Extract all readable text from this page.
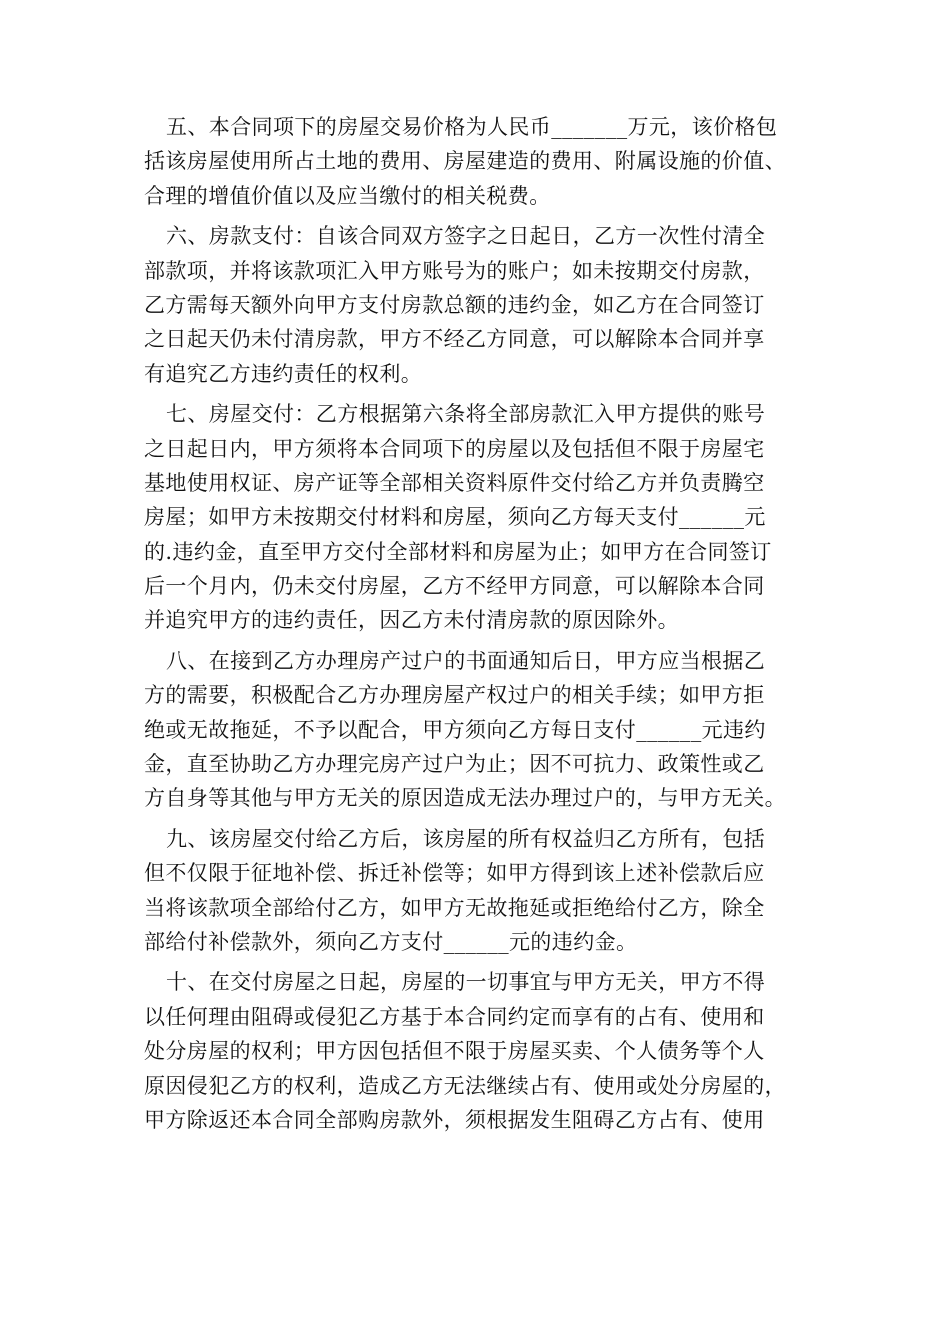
五、本合同项下的房屋交易价格为人民币_______万元，该价格包
括该房屋使用所占土地的费用、房屋建造的费用、附属设施的价值、
合理的增值价值以及应当缴付的相关税费。
六、房款支付：自该合同双方签字之日起日，乙方一次性付清全
部款项，并将该款项汇入甲方账号为的账户；如未按期交付房款，
乙方需每天额外向甲方支付房款总额的违约金，如乙方在合同签订
之日起天仍未付清房款，甲方不经乙方同意，可以解除本合同并享
有追究乙方违约责任的权利。
七、房屋交付：乙方根据第六条将全部房款汇入甲方提供的账号
之日起日内，甲方须将本合同项下的房屋以及包括但不限于房屋宅
基地使用权证、房产证等全部相关资料原件交付给乙方并负责腾空
房屋；如甲方未按期交付材料和房屋，须向乙方每天支付______元
的.违约金，直至甲方交付全部材料和房屋为止；如甲方在合同签订
后一个月内，仍未交付房屋，乙方不经甲方同意，可以解除本合同
并追究甲方的违约责任，因乙方未付清房款的原因除外。
八、在接到乙方办理房产过户的书面通知后日，甲方应当根据乙
方的需要，积极配合乙方办理房屋产权过户的相关手续；如甲方拒
绝或无故拖延，不予以配合，甲方须向乙方每日支付______元违约
金，直至协助乙方办理完房产过户为止；因不可抗力、政策性或乙
方自身等其他与甲方无关的原因造成无法办理过户的，与甲方无关。
九、该房屋交付给乙方后，该房屋的所有权益归乙方所有，包括
但不仅限于征地补偿、拆迁补偿等；如甲方得到该上述补偿款后应
当将该款项全部给付乙方，如甲方无故拖延或拒绝给付乙方，除全
部给付补偿款外，须向乙方支付______元的违约金。
十、在交付房屋之日起，房屋的一切事宜与甲方无关，甲方不得
以任何理由阻碍或侵犯乙方基于本合同约定而享有的占有、使用和
处分房屋的权利；甲方因包括但不限于房屋买卖、个人债务等个人
原因侵犯乙方的权利，造成乙方无法继续占有、使用或处分房屋的，
甲方除返还本合同全部购房款外，须根据发生阻碍乙方占有、使用
